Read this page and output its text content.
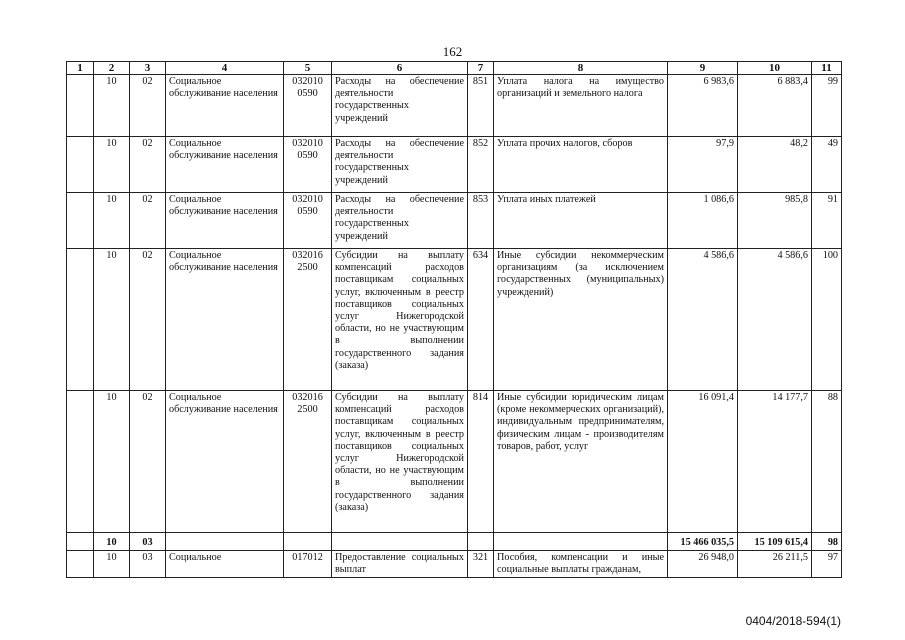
162
1	2	3	4	5	6	7	8	9	10	11
	10	02	Социальное обслуживание населения	032010 0590	Расходы на обеспечение деятельности государственных учреждений	851	Уплата налога на имущество организаций и земельного налога	6 983,6	6 883,4	99
	10	02	Социальное обслуживание населения	032010 0590	Расходы на обеспечение деятельности государственных учреждений	852	Уплата прочих налогов, сборов	97,9	48,2	49
	10	02	Социальное обслуживание населения	032010 0590	Расходы на обеспечение деятельности государственных учреждений	853	Уплата иных платежей	1 086,6	985,8	91
	10	02	Социальное обслуживание населения	032016 2500	Субсидии на выплату компенсаций расходов поставщикам социальных услуг, включенным в реестр поставщиков социальных услуг Нижегородской области, но не участвующим в выполнении государственного задания (заказа)	634	Иные субсидии некоммерческим организациям (за исключением государственных (муниципальных) учреждений)	4 586,6	4 586,6	100
	10	02	Социальное обслуживание населения	032016 2500	Субсидии на выплату компенсаций расходов поставщикам социальных услуг, включенным в реестр поставщиков социальных услуг Нижегородской области, но не участвующим в выполнении государственного задания (заказа)	814	Иные субсидии юридическим лицам (кроме некоммерческих организаций), индивидуальным предпринимателям, физическим лицам - производителям товаров, работ, услуг	16 091,4	14 177,7	88
	10	03						15 466 035,5	15 109 615,4	98
	10	03	Социальное	017012	Предоставление социальных выплат	321	Пособия, компенсации и иные социальные выплаты гражданам,	26 948,0	26 211,5	97
0404/2018-594(1)
